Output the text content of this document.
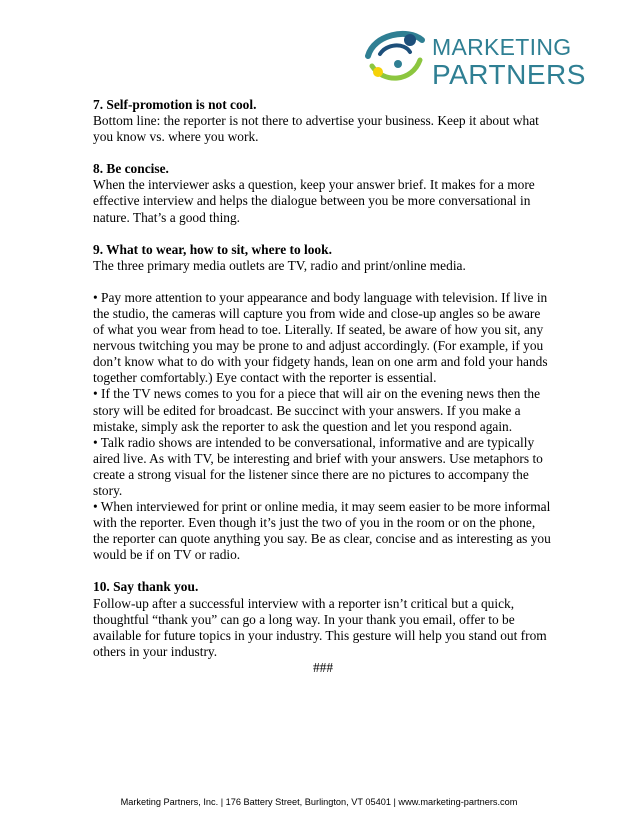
MARKETING
PARTNERS

7. Self-promotion is not cool.

Bottom line: the reporter is not there to advertise your business. Keep it about what you know vs. where you work.

8. Be concise.

When the interviewer asks a question, keep your answer brief. It makes for a more effective interview and helps the dialogue between you be more conversational in nature. That’s a good thing.

9. What to wear, how to sit, where to look.

The three primary media outlets are TV, radio and print/online media.

• Pay more attention to your appearance and body language with television. If live in the studio, the cameras will capture you from wide and close-up angles so be aware of what you wear from head to toe. Literally. If seated, be aware of how you sit, any nervous twitching you may be prone to and adjust accordingly. (For example, if you don’t know what to do with your fidgety hands, lean on one arm and fold your hands together comfortably.) Eye contact with the reporter is essential.

• If the TV news comes to you for a piece that will air on the evening news then the story will be edited for broadcast. Be succinct with your answers. If you make a mistake, simply ask the reporter to ask the question and let you respond again.

• Talk radio shows are intended to be conversational, informative and are typically aired live. As with TV, be interesting and brief with your answers. Use metaphors to create a strong visual for the listener since there are no pictures to accompany the story.

• When interviewed for print or online media, it may seem easier to be more informal with the reporter. Even though it’s just the two of you in the room or on the phone, the reporter can quote anything you say. Be as clear, concise and as interesting as you would be if on TV or radio.

10. Say thank you.

Follow-up after a successful interview with a reporter isn’t critical but a quick, thoughtful “thank you” can go a long way. In your thank you email, offer to be available for future topics in your industry. This gesture will help you stand out from others in your industry.

###

Marketing Partners, Inc. | 176 Battery Street, Burlington, VT 05401 | www.marketing-partners.com
